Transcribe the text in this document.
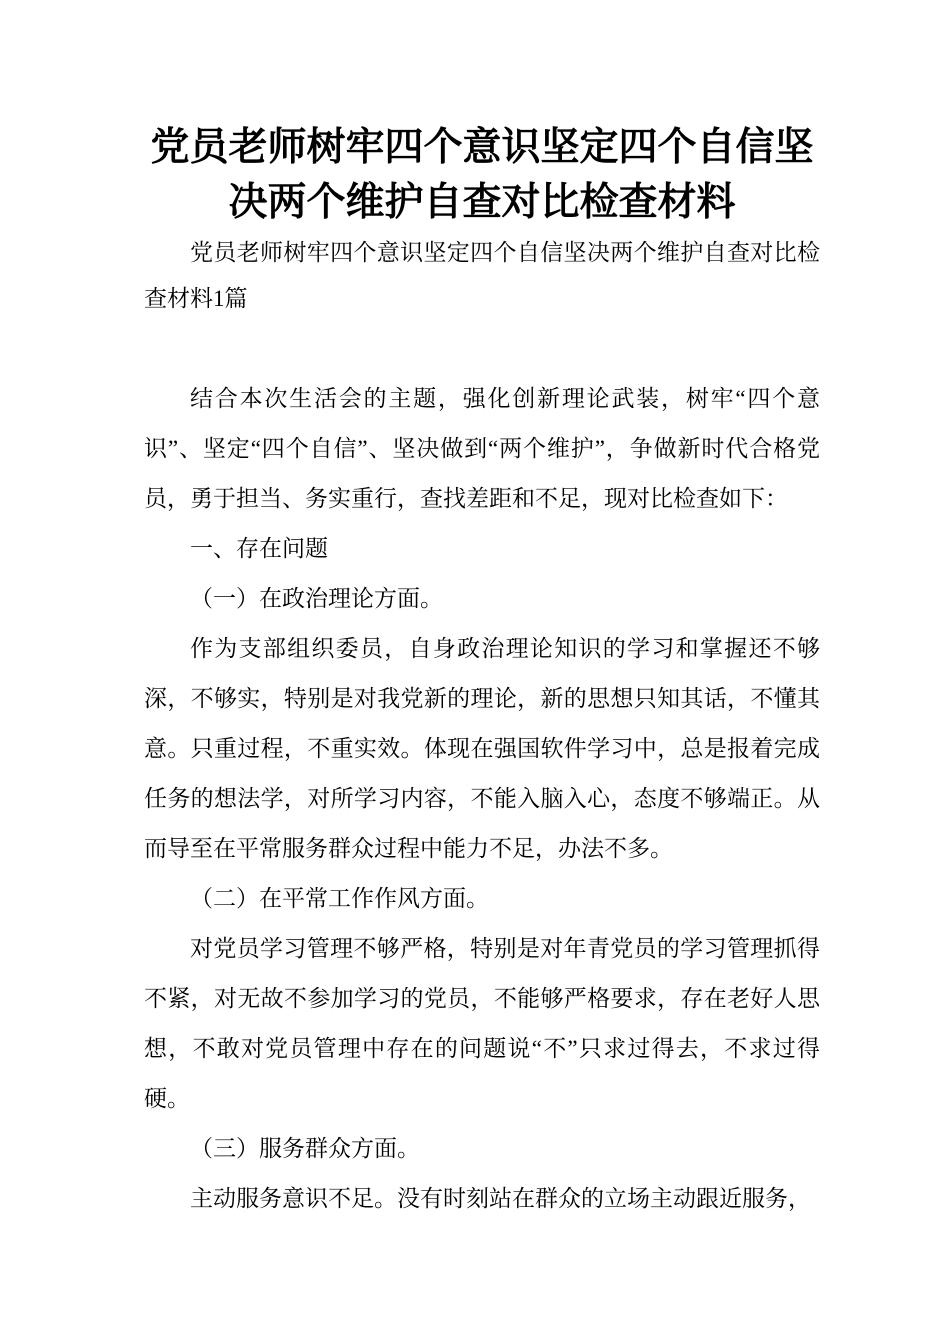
党员老师树牢四个意识坚定四个自信坚决两个维护自查对比检查材料

党员老师树牢四个意识坚定四个自信坚决两个维护自查对比检查材料1篇

结合本次生活会的主题，强化创新理论武装，树牢“四个意识”、坚定“四个自信”、坚决做到“两个维护”，争做新时代合格党员，勇于担当、务实重行，查找差距和不足，现对比检查如下：

一、存在问题

（一）在政治理论方面。

作为支部组织委员，自身政治理论知识的学习和掌握还不够深，不够实，特别是对我党新的理论，新的思想只知其话，不懂其意。只重过程，不重实效。体现在强国软件学习中，总是报着完成任务的想法学，对所学习内容，不能入脑入心，态度不够端正。从而导至在平常服务群众过程中能力不足，办法不多。

（二）在平常工作作风方面。

对党员学习管理不够严格，特别是对年青党员的学习管理抓得不紧，对无故不参加学习的党员，不能够严格要求，存在老好人思想，不敢对党员管理中存在的问题说“不”只求过得去，不求过得硬。

（三）服务群众方面。

主动服务意识不足。没有时刻站在群众的立场主动跟近服务，
